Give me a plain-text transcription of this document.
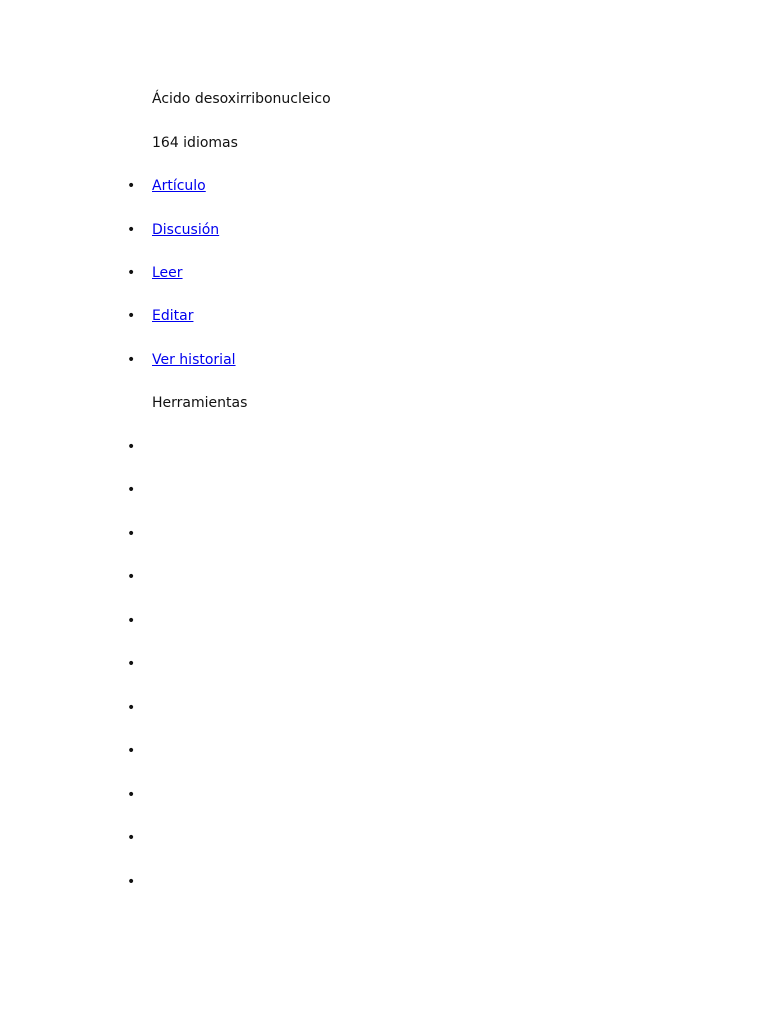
Ácido desoxirribonucleico
164 idiomas
•
Artículo
•
Discusión
•
Leer
•
Editar
•
Ver historial
Herramientas
•
•
•
•
•
•
•
•
•
•
•
